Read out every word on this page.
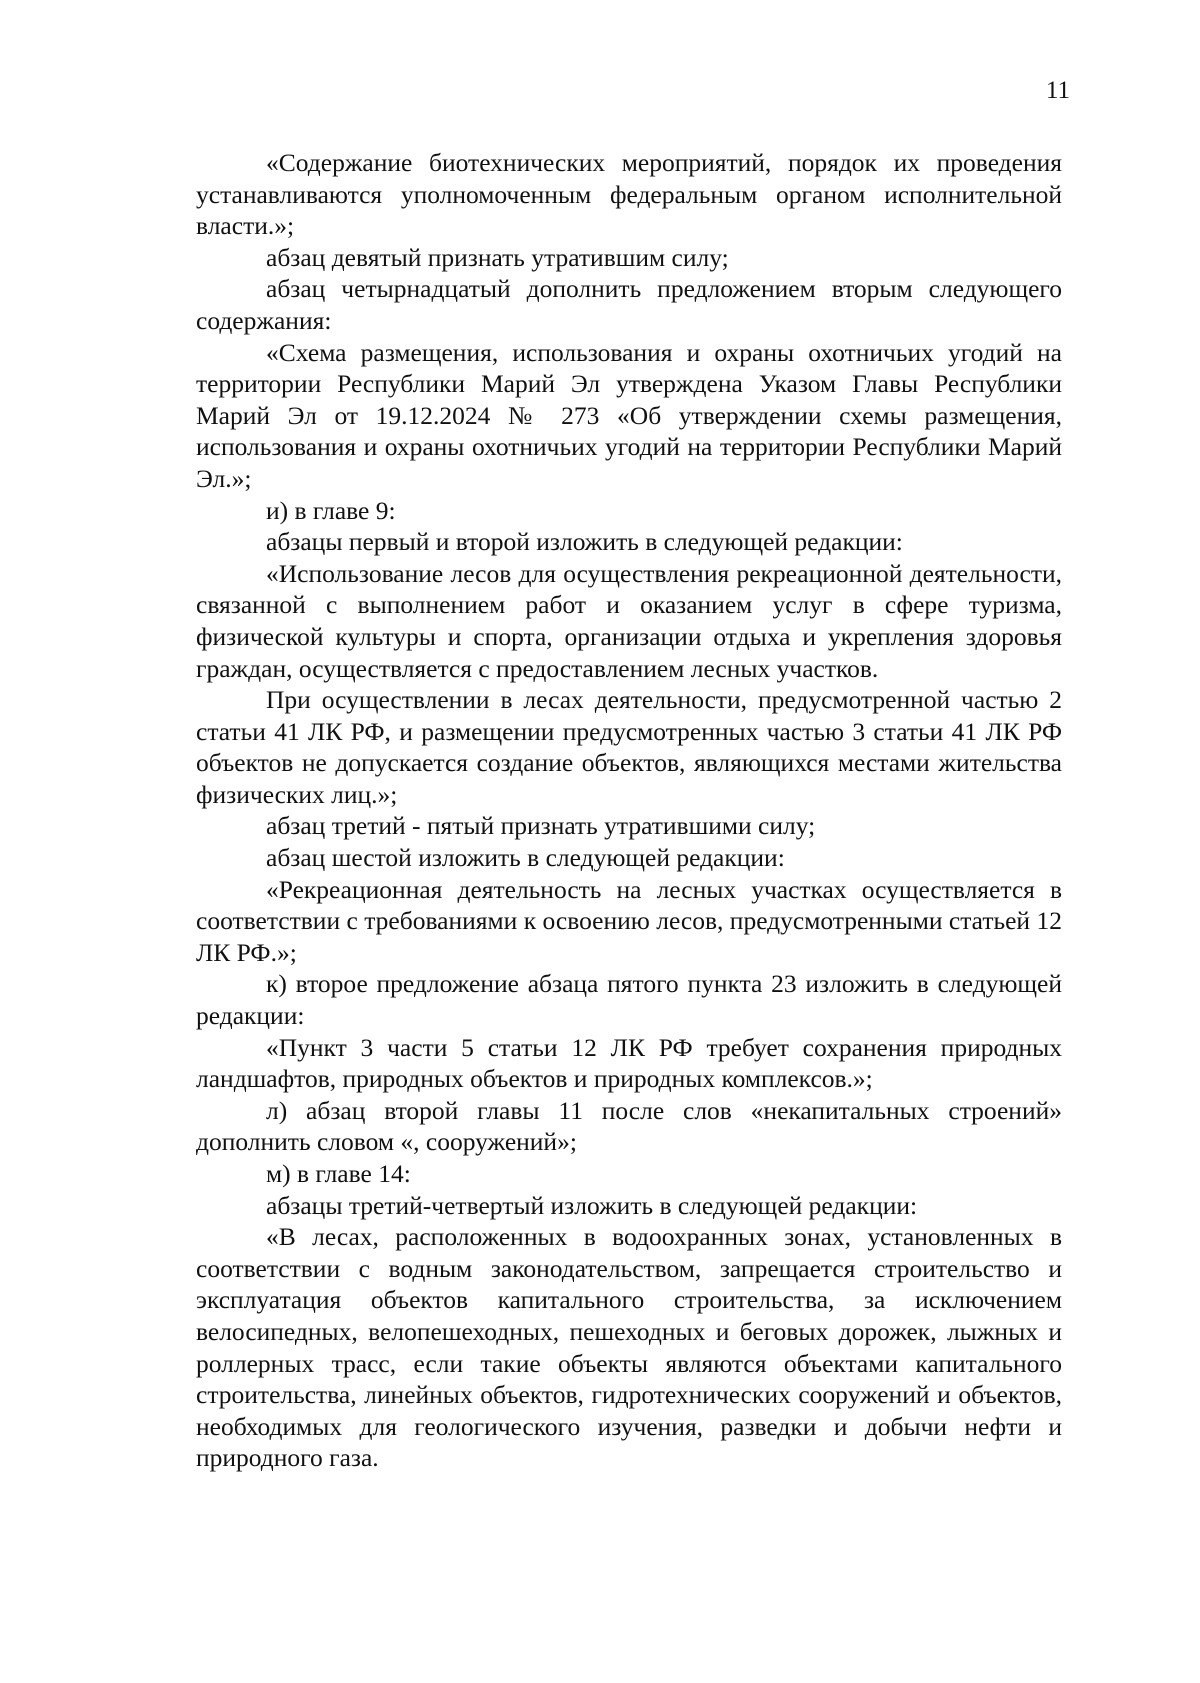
11

«Содержание биотехнических мероприятий, порядок их проведения устанавливаются уполномоченным федеральным органом исполнительной власти.»;

абзац девятый признать утратившим силу;

абзац четырнадцатый дополнить предложением вторым следующего содержания:

«Схема размещения, использования и охраны охотничьих угодий на территории Республики Марий Эл утверждена Указом Главы Республики Марий Эл от 19.12.2024 № 273 «Об утверждении схемы размещения, использования и охраны охотничьих угодий на территории Республики Марий Эл.»;

и) в главе 9:

абзацы первый и второй изложить в следующей редакции:

«Использование лесов для осуществления рекреационной деятельности, связанной с выполнением работ и оказанием услуг в сфере туризма, физической культуры и спорта, организации отдыха и укрепления здоровья граждан, осуществляется с предоставлением лесных участков.

При осуществлении в лесах деятельности, предусмотренной частью 2 статьи 41 ЛК РФ, и размещении предусмотренных частью 3 статьи 41 ЛК РФ объектов не допускается создание объектов, являющихся местами жительства физических лиц.»;

абзац третий - пятый признать утратившими силу;

абзац шестой изложить в следующей редакции:

«Рекреационная деятельность на лесных участках осуществляется в соответствии с требованиями к освоению лесов, предусмотренными статьей 12 ЛК РФ.»;

к) второе предложение абзаца пятого пункта 23 изложить в следующей редакции:

«Пункт 3 части 5 статьи 12 ЛК РФ требует сохранения природных ландшафтов, природных объектов и природных комплексов.»;

л) абзац второй главы 11 после слов «некапитальных строений» дополнить словом «, сооружений»;

м) в главе 14:

абзацы третий-четвертый изложить в следующей редакции:

«В лесах, расположенных в водоохранных зонах, установленных в соответствии с водным законодательством, запрещается строительство и эксплуатация объектов капитального строительства, за исключением велосипедных, велопешеходных, пешеходных и беговых дорожек, лыжных и роллерных трасс, если такие объекты являются объектами капитального строительства, линейных объектов, гидротехнических сооружений и объектов, необходимых для геологического изучения, разведки и добычи нефти и природного газа.
